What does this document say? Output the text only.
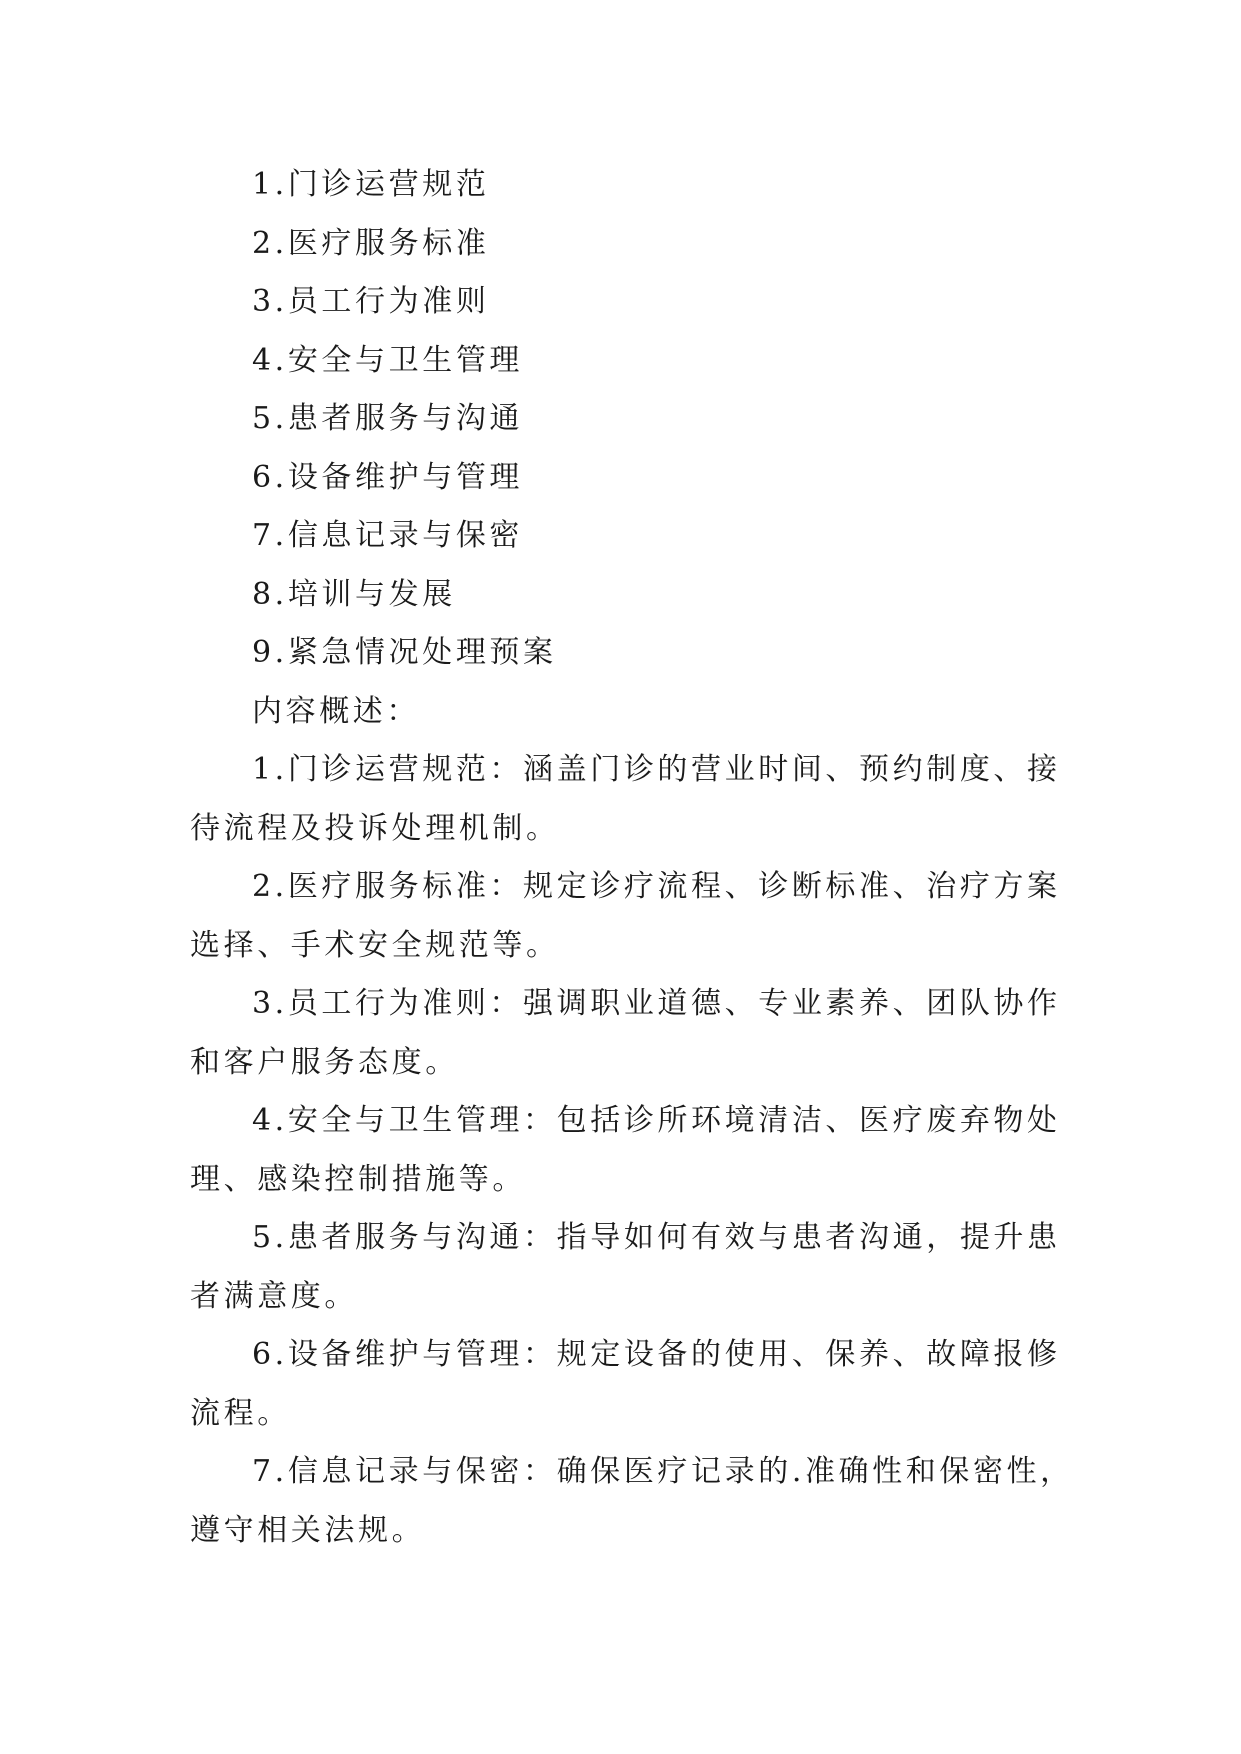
1.门诊运营规范
2.医疗服务标准
3.员工行为准则
4.安全与卫生管理
5.患者服务与沟通
6.设备维护与管理
7.信息记录与保密
8.培训与发展
9.紧急情况处理预案
内容概述：
1.门诊运营规范：涵盖门诊的营业时间、预约制度、接
待流程及投诉处理机制。
2.医疗服务标准：规定诊疗流程、诊断标准、治疗方案
选择、手术安全规范等。
3.员工行为准则：强调职业道德、专业素养、团队协作
和客户服务态度。
4.安全与卫生管理：包括诊所环境清洁、医疗废弃物处
理、感染控制措施等。
5.患者服务与沟通：指导如何有效与患者沟通，提升患
者满意度。
6.设备维护与管理：规定设备的使用、保养、故障报修
流程。
7.信息记录与保密：确保医疗记录的.准确性和保密性，
遵守相关法规。
